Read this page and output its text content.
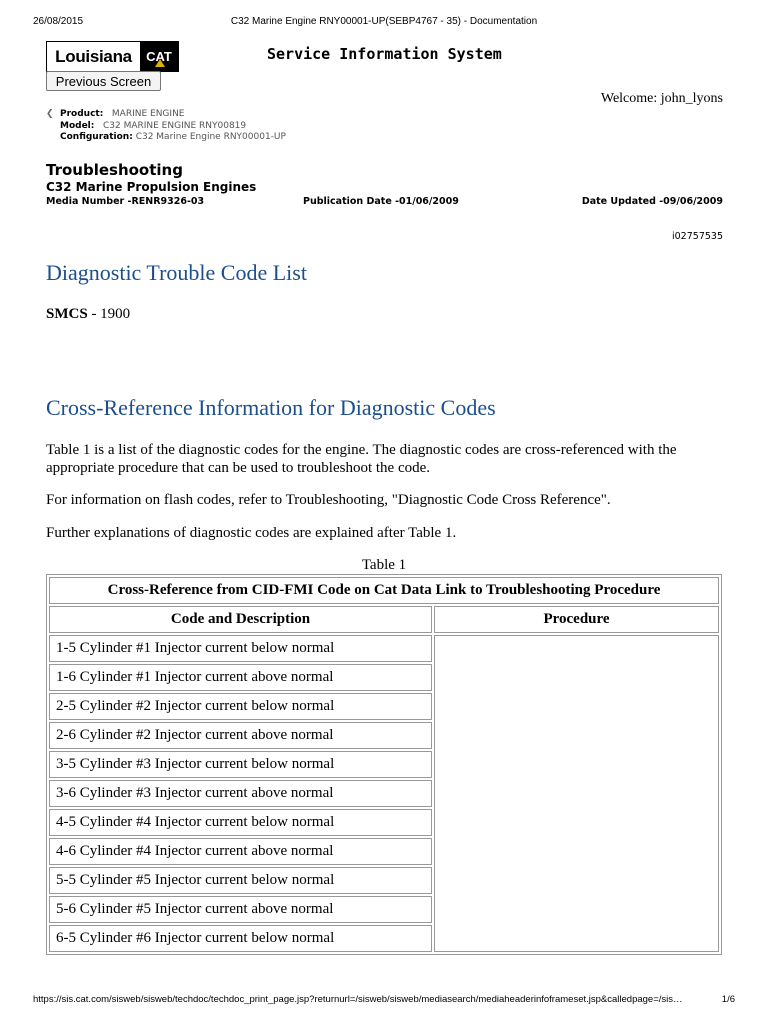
26/08/2015	C32 Marine Engine RNY00001-UP(SEBP4767 - 35) - Documentation
Louisiana	CAT	Service Information System
Previous Screen
Welcome: john_lyons
❮ Product: MARINE ENGINE
Model: C32 MARINE ENGINE RNY00819
Configuration: C32 Marine Engine RNY00001-UP
Troubleshooting
C32 Marine Propulsion Engines
Media Number -RENR9326-03	Publication Date -01/06/2009	Date Updated -09/06/2009
i02757535
Diagnostic Trouble Code List
SMCS - 1900
Cross-Reference Information for Diagnostic Codes

Table 1 is a list of the diagnostic codes for the engine. The diagnostic codes are cross-referenced with the appropriate procedure that can be used to troubleshoot the code.

For information on flash codes, refer to Troubleshooting, "Diagnostic Code Cross Reference".

Further explanations of diagnostic codes are explained after Table 1.

Table 1
Cross-Reference from CID-FMI Code on Cat Data Link to Troubleshooting Procedure	
Code and Description	Procedure
1-5 Cylinder #1 Injector current below normal	
1-6 Cylinder #1 Injector current above normal	
2-5 Cylinder #2 Injector current below normal	
2-6 Cylinder #2 Injector current above normal	
3-5 Cylinder #3 Injector current below normal	
3-6 Cylinder #3 Injector current above normal	
4-5 Cylinder #4 Injector current below normal	
4-6 Cylinder #4 Injector current above normal	
5-5 Cylinder #5 Injector current below normal	
5-6 Cylinder #5 Injector current above normal	
6-5 Cylinder #6 Injector current below normal	
https://sis.cat.com/sisweb/sisweb/techdoc/techdoc_print_page.jsp?returnurl=/sisweb/sisweb/mediasearch/mediaheaderinfoframeset.jsp&calledpage=/sis…	1/6
